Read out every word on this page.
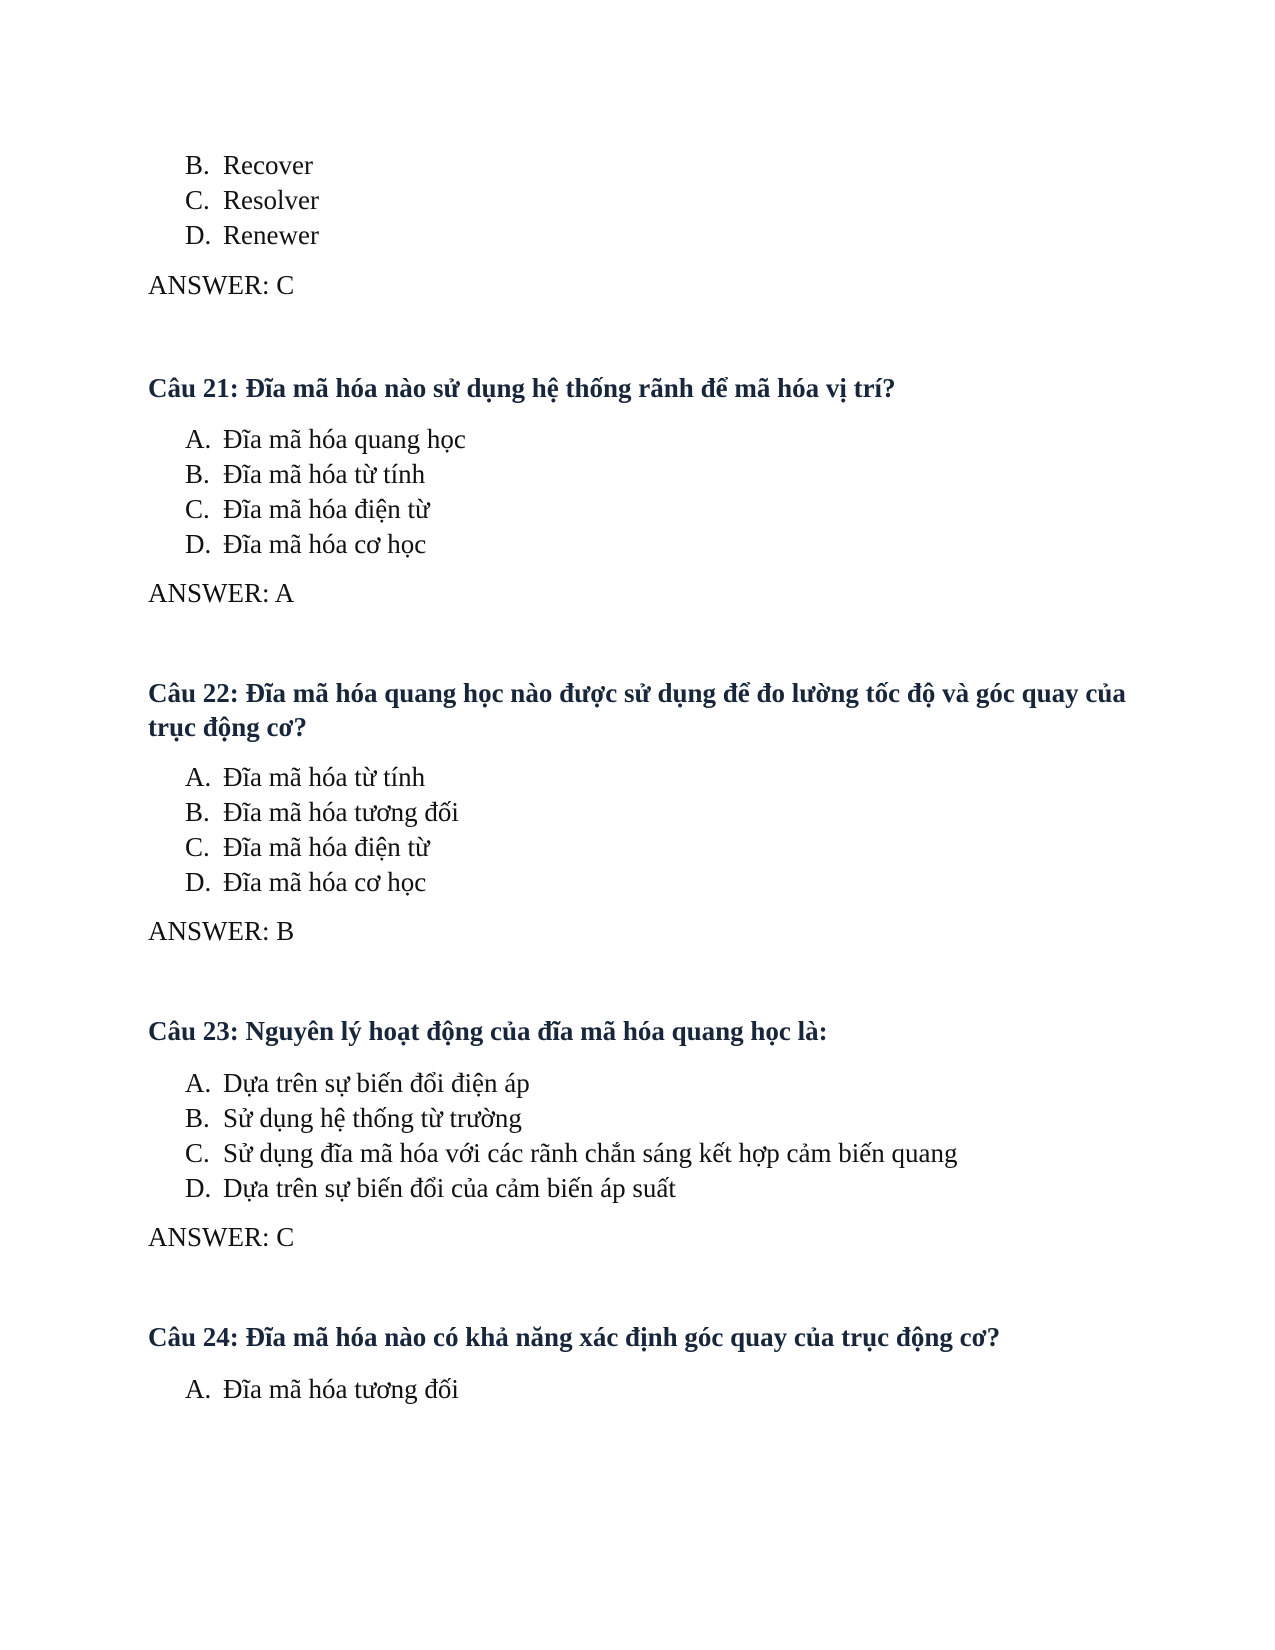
B. Recover
C. Resolver
D. Renewer
ANSWER: C
Câu 21: Đĩa mã hóa nào sử dụng hệ thống rãnh để mã hóa vị trí?
A. Đĩa mã hóa quang học
B. Đĩa mã hóa từ tính
C. Đĩa mã hóa điện từ
D. Đĩa mã hóa cơ học
ANSWER: A
Câu 22: Đĩa mã hóa quang học nào được sử dụng để đo lường tốc độ và góc quay của trục động cơ?
A. Đĩa mã hóa từ tính
B. Đĩa mã hóa tương đối
C. Đĩa mã hóa điện từ
D. Đĩa mã hóa cơ học
ANSWER: B
Câu 23: Nguyên lý hoạt động của đĩa mã hóa quang học là:
A. Dựa trên sự biến đổi điện áp
B. Sử dụng hệ thống từ trường
C. Sử dụng đĩa mã hóa với các rãnh chắn sáng kết hợp cảm biến quang
D. Dựa trên sự biến đổi của cảm biến áp suất
ANSWER: C
Câu 24: Đĩa mã hóa nào có khả năng xác định góc quay của trục động cơ?
A. Đĩa mã hóa tương đối
